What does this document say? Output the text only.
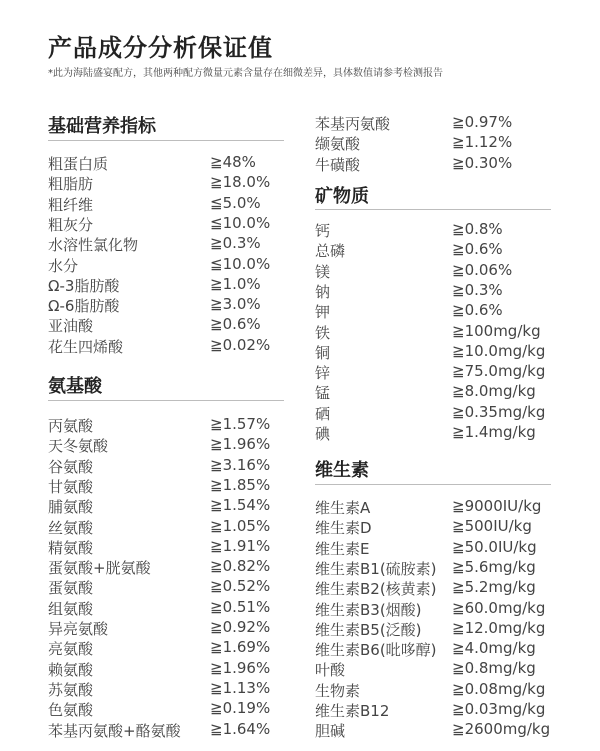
产品成分分析保证值
*此为海陆盛宴配方，其他两种配方微量元素含量存在细微差异，具体数值请参考检测报告
基础营养指标
粗蛋白质	≧48%
粗脂肪	≧18.0%
粗纤维	≦5.0%
粗灰分	≦10.0%
水溶性氯化物	≧0.3%
水分	≦10.0%
Ω-3脂肪酸	≧1.0%
Ω-6脂肪酸	≧3.0%
亚油酸	≧0.6%
花生四烯酸	≧0.02%
氨基酸
丙氨酸	≧1.57%
天冬氨酸	≧1.96%
谷氨酸	≧3.16%
甘氨酸	≧1.85%
脯氨酸	≧1.54%
丝氨酸	≧1.05%
精氨酸	≧1.91%
蛋氨酸+胱氨酸	≧0.82%
蛋氨酸	≧0.52%
组氨酸	≧0.51%
异亮氨酸	≧0.92%
亮氨酸	≧1.69%
赖氨酸	≧1.96%
苏氨酸	≧1.13%
色氨酸	≧0.19%
苯基丙氨酸+酪氨酸 ≧1.64%
苯基丙氨酸	≧0.97%
缬氨酸	≧1.12%
牛磺酸	≧0.30%
矿物质
钙	≧0.8%
总磷	≧0.6%
镁	≧0.06%
钠	≧0.3%
钾	≧0.6%
铁	≧100mg/kg
铜	≧10.0mg/kg
锌	≧75.0mg/kg
锰	≧8.0mg/kg
硒	≧0.35mg/kg
碘	≧1.4mg/kg
维生素
维生素A	≧9000IU/kg
维生素D	≧500IU/kg
维生素E	≧50.0IU/kg
维生素B1(硫胺素) ≧5.6mg/kg
维生素B2(核黄素) ≧5.2mg/kg
维生素B3(烟酸) ≧60.0mg/kg
维生素B5(泛酸) ≧12.0mg/kg
维生素B6(吡哆醇) ≧4.0mg/kg
叶酸	≧0.8mg/kg
生物素	≧0.08mg/kg
维生素B12	≧0.03mg/kg
胆碱	≧2600mg/kg
